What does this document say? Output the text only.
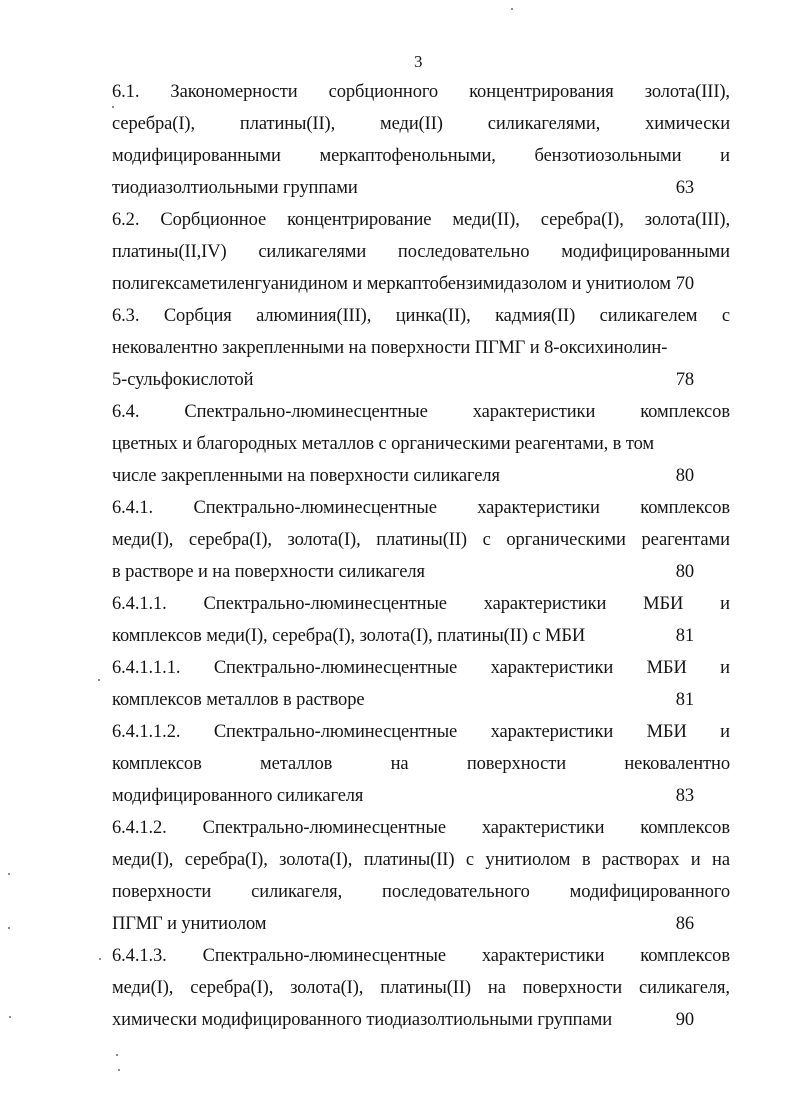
3
6.1. Закономерности сорбционного концентрирования золота(III),
серебра(I), платины(II), меди(II) силикагелями, химически
модифицированными меркаптофенольными, бензотиозольными и
тиодиазолтиольными группами	63
6.2. Сорбционное концентрирование меди(II), серебра(I), золота(III),
платины(II,IV) силикагелями последовательно модифицированными
полигексаметиленгуанидином и меркаптобензимидазолом и унитиолом 70
6.3. Сорбция алюминия(III), цинка(II), кадмия(II) силикагелем с
нековалентно закрепленными на поверхности ПГМГ и 8-оксихинолин-
5-сульфокислотой	78
6.4. Спектрально-люминесцентные характеристики комплексов
цветных и благородных металлов с органическими реагентами, в том
числе закрепленными на поверхности силикагеля	80
6.4.1. Спектрально-люминесцентные характеристики комплексов
меди(I), серебра(I), золота(I), платины(II) с органическими реагентами
в растворе и на поверхности силикагеля	80
6.4.1.1. Спектрально-люминесцентные характеристики МБИ и
комплексов меди(I), серебра(I), золота(I), платины(II) с МБИ	81
6.4.1.1.1. Спектрально-люминесцентные характеристики МБИ и
комплексов металлов в растворе	81
6.4.1.1.2. Спектрально-люминесцентные характеристики МБИ и
комплексов	металлов	на	поверхности	нековалентно
модифицированного силикагеля	83
6.4.1.2. Спектрально-люминесцентные характеристики комплексов
меди(I), серебра(I), золота(I), платины(II) с унитиолом в растворах и на
поверхности силикагеля, последовательного модифицированного
ПГМГ и унитиолом	86
6.4.1.3. Спектрально-люминесцентные характеристики комплексов
меди(I), серебра(I), золота(I), платины(II) на поверхности силикагеля,
химически модифицированного тиодиазолтиольными группами	90
